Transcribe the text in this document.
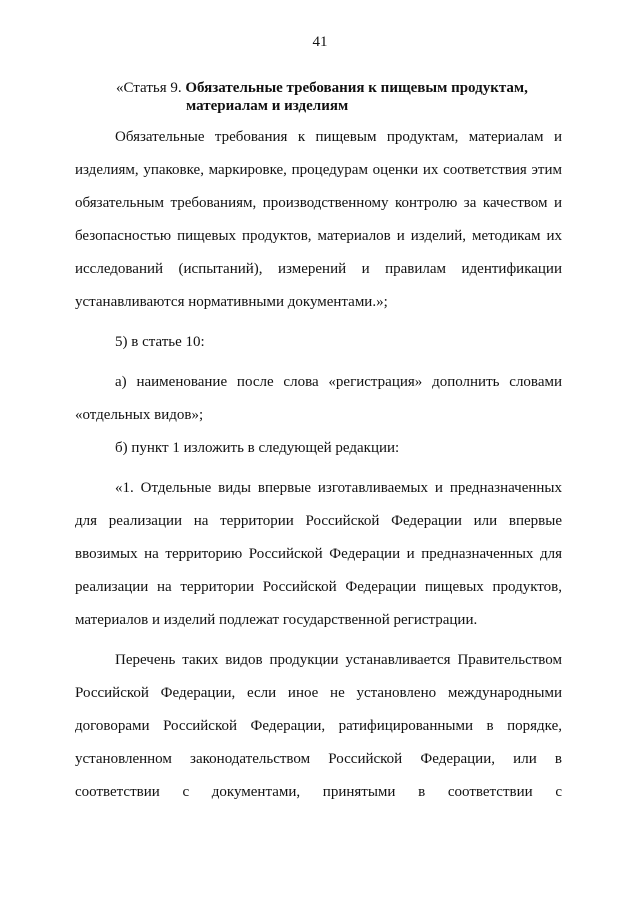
41
«Статья 9. Обязательные требования к пищевым продуктам,
материалам и изделиям
Обязательные требования к пищевым продуктам, материалам и
изделиям, упаковке, маркировке, процедурам оценки их соответствия этим
обязательным требованиям, производственному контролю за качеством и
безопасностью пищевых продуктов, материалов и изделий, методикам их
исследований (испытаний), измерений и правилам идентификации
устанавливаются нормативными документами.»;
5) в статье 10:
а) наименование после слова «регистрация» дополнить словами
«отдельных видов»;
б) пункт 1 изложить в следующей редакции:
«1. Отдельные виды впервые изготавливаемых и предназначенных
для реализации на территории Российской Федерации или впервые
ввозимых на территорию Российской Федерации и предназначенных для
реализации на территории Российской Федерации пищевых продуктов,
материалов и изделий подлежат государственной регистрации.
Перечень таких видов продукции устанавливается Правительством
Российской Федерации, если иное не установлено международными
договорами Российской Федерации, ратифицированными в порядке,
установленном законодательством Российской Федерации, или в
соответствии с документами, принятыми в соответствии с
